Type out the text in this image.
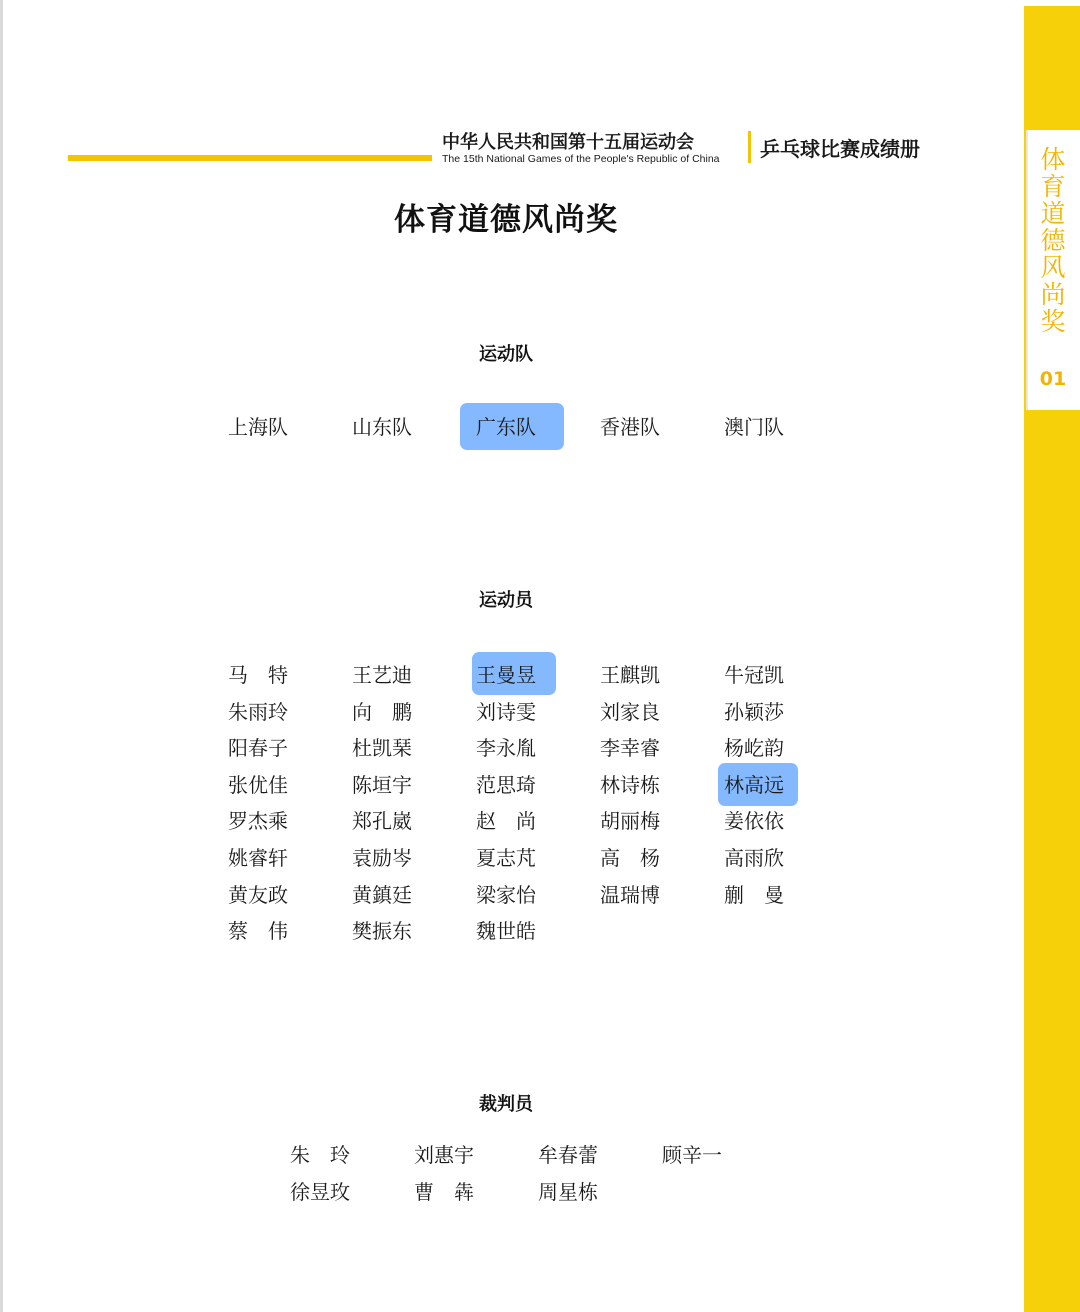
体育道德风尚奖
01
中华人民共和国第十五届运动会
The 15th National Games of the People's Republic of China 乒乓球比赛成绩册
体育道德风尚奖
运动队
上海队	山东队	广东队	香港队	澳门队
运动员
马　特	王艺迪	王曼昱	王麒凯	牛冠凯
朱雨玲	向　鹏	刘诗雯	刘家良	孙颖莎
阳春子	杜凯琹	李永胤	李幸睿	杨屹韵
张优佳	陈垣宇	范思琦	林诗栋	林高远
罗杰乘	郑孔崴	赵　尚	胡丽梅	姜依依
姚睿轩	袁励岑	夏志芃	高　杨	高雨欣
黄友政	黄鎮廷	梁家怡	温瑞博	蒯　曼
蔡　伟	樊振东	魏世皓
裁判员
朱　玲	刘惠宇	牟春蕾	顾辛一
徐昱玫	曹　犇	周星栋
